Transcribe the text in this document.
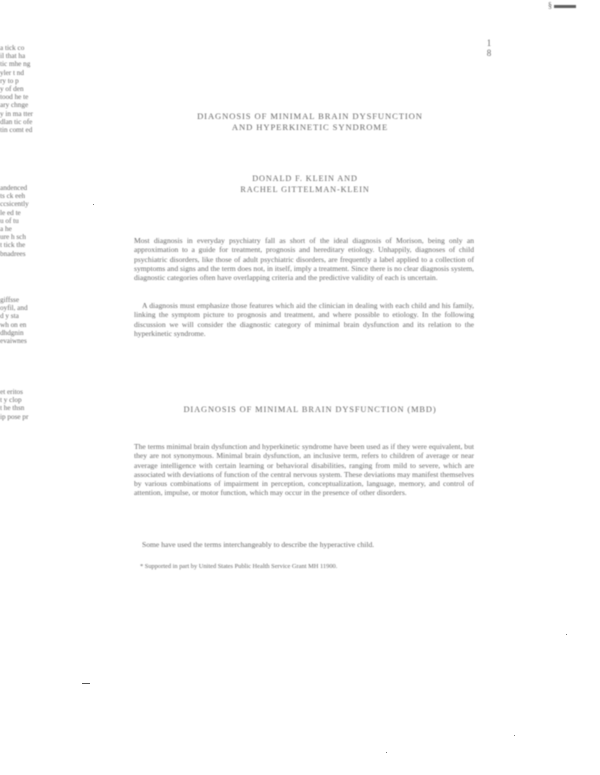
§
1
8
a tick co
il that ha
tic mhe ng
yler t nd
ry to p
y of den
tood he te
ary chnge
y in ma tter
dlan tic ofe
tin comt ed
andenced
ts ck eeh
ccsicently
le ed te
u of tu
a he
ure h sch
t tick the
bnadrees
giffsse
oyfil, and
d y sta
wh on en
dhdgnin
evaiwnes
et eritos
t y clop
t he thsn
ip pose pr
DIAGNOSIS OF MINIMAL BRAIN DYSFUNCTION
AND HYPERKINETIC SYNDROME
DONALD F. KLEIN AND
RACHEL GITTELMAN-KLEIN

Most diagnosis in everyday psychiatry fall as short of the ideal diagnosis of Morison, being only an approximation to a guide for treatment, prognosis and hereditary etiology. Unhappily, diagnoses of child psychiatric disorders, like those of adult psychiatric disorders, are frequently a label applied to a collection of symptoms and signs and the term does not, in itself, imply a treatment. Since there is no clear diagnosis system, diagnostic categories often have overlapping criteria and the predictive validity of each is uncertain.

A diagnosis must emphasize those features which aid the clinician in dealing with each child and his family, linking the symptom picture to prognosis and treatment, and where possible to etiology. In the following discussion we will consider the diagnostic category of minimal brain dysfunction and its relation to the hyperkinetic syndrome.

DIAGNOSIS OF MINIMAL BRAIN DYSFUNCTION (MBD)

The terms minimal brain dysfunction and hyperkinetic syndrome have been used as if they were equivalent, but they are not synonymous. Minimal brain dysfunction, an inclusive term, refers to children of average or near average intelligence with certain learning or behavioral disabilities, ranging from mild to severe, which are associated with deviations of function of the central nervous system. These deviations may manifest themselves by various combinations of impairment in perception, conceptualization, language, memory, and control of attention, impulse, or motor function, which may occur in the presence of other disorders.

Some have used the terms interchangeably to describe the hyperactive child.

* Supported in part by United States Public Health Service Grant MH 11900.
